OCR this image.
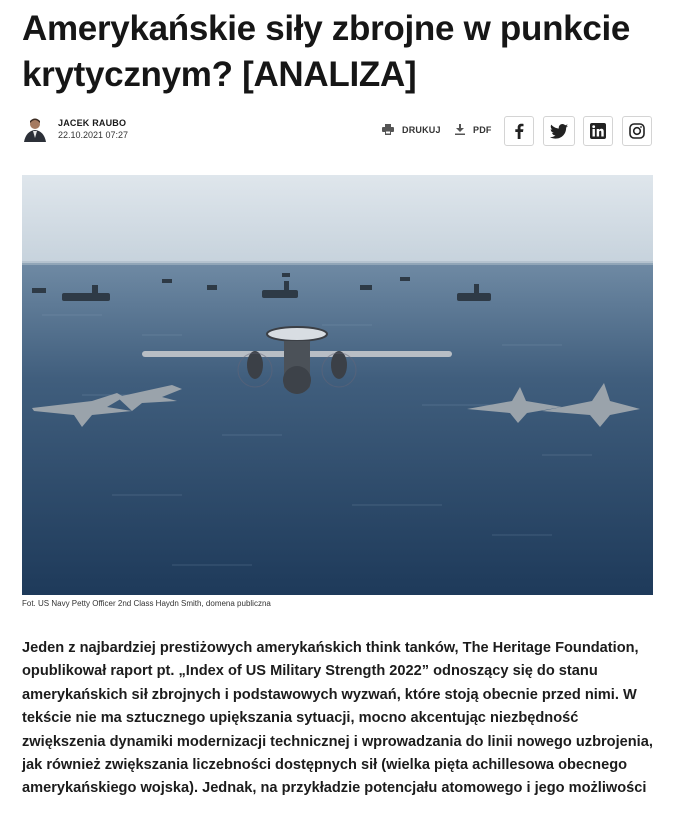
Amerykańskie siły zbrojne w punkcie krytycznym? [ANALIZA]
JACEK RAUBO
22.10.2021 07:27
DRUKUJ	PDF
Fot. US Navy Petty Officer 2nd Class Haydn Smith, domena publiczna

Jeden z najbardziej prestiżowych amerykańskich think tanków, The Heritage Foundation, opublikował raport pt. „Index of US Military Strength 2022” odnoszący się do stanu amerykańskich sił zbrojnych i podstawowych wyzwań, które stoją obecnie przed nimi. W tekście nie ma sztucznego upiększania sytuacji, mocno akcentując niezbędność zwiększenia dynamiki modernizacji technicznej i wprowadzania do linii nowego uzbrojenia, jak również zwiększania liczebności dostępnych sił (wielka pięta achillesowa obecnego amerykańskiego wojska). Jednak, na przykładzie potencjału atomowego i jego możliwości
